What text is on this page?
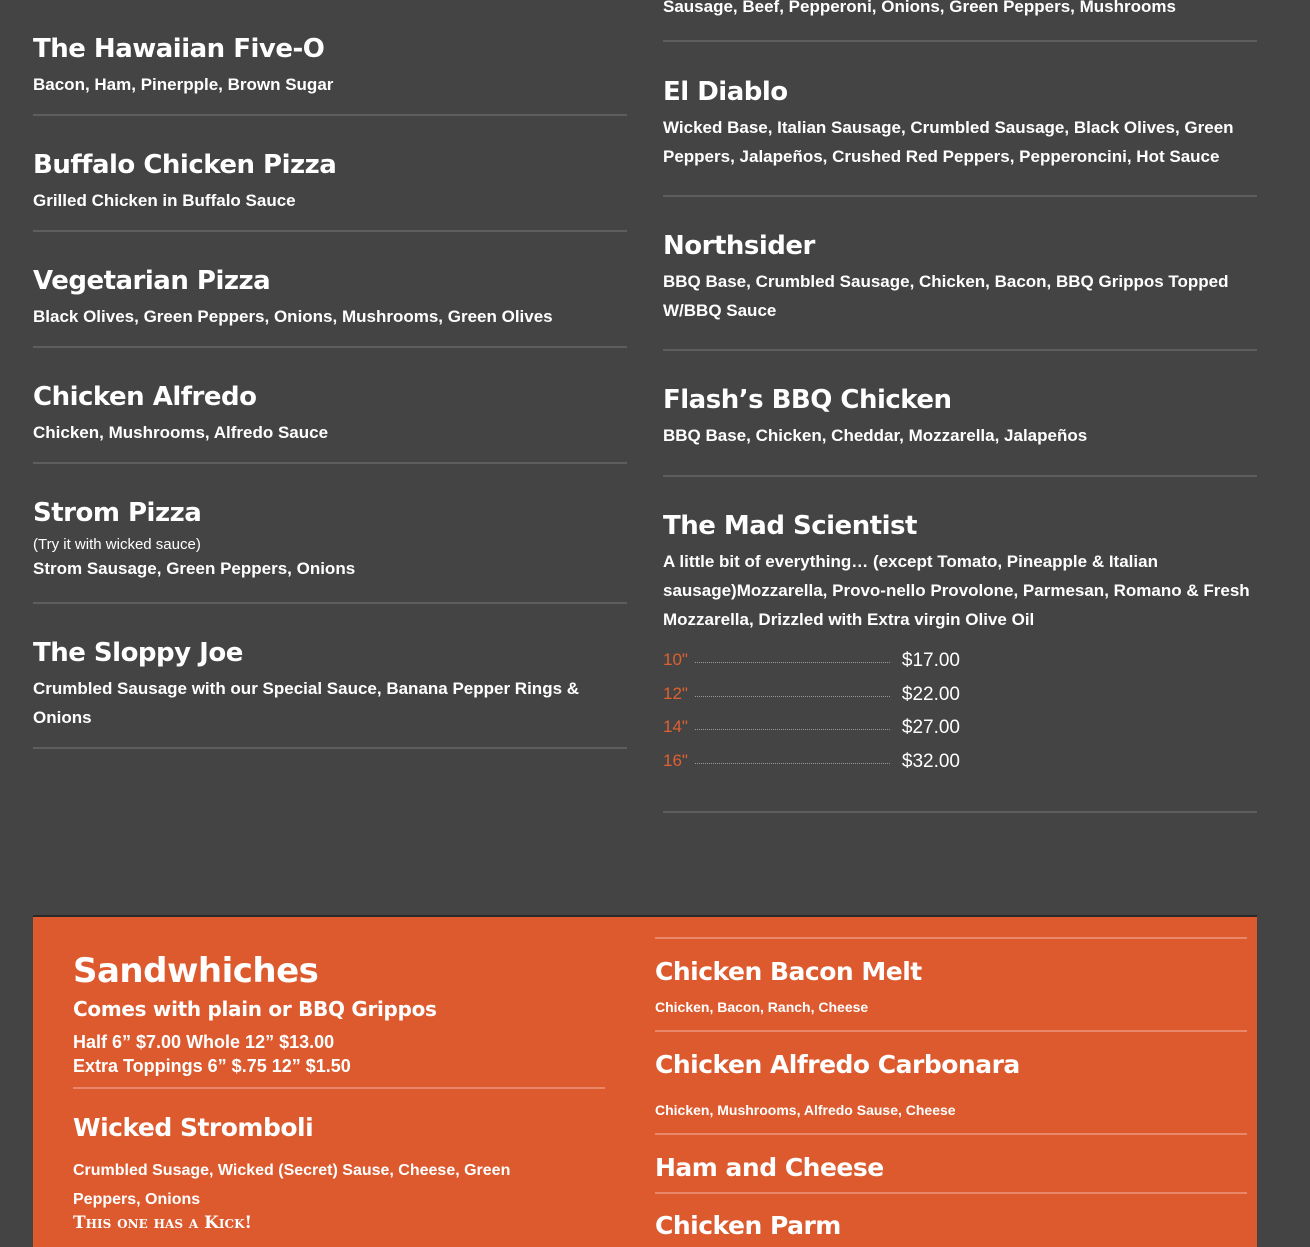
The Hawaiian Five-O
Bacon, Ham, Pinerpple, Brown Sugar
Buffalo Chicken Pizza
Grilled Chicken in Buffalo Sauce
Vegetarian Pizza
Black Olives, Green Peppers, Onions, Mushrooms, Green Olives
Chicken Alfredo
Chicken, Mushrooms, Alfredo Sauce
Strom Pizza
(Try it with wicked sauce)
Strom Sausage, Green Peppers, Onions
The Sloppy Joe
Crumbled Sausage with our Special Sauce, Banana Pepper Rings & Onions
Sausage, Beef, Pepperoni, Onions, Green Peppers, Mushrooms
El Diablo
Wicked Base, Italian Sausage, Crumbled Sausage, Black Olives, Green Peppers, Jalapeños, Crushed Red Peppers, Pepperoncini, Hot Sauce
Northsider
BBQ Base, Crumbled Sausage, Chicken, Bacon, BBQ Grippos Topped W/BBQ Sauce
Flash’s BBQ Chicken
BBQ Base, Chicken, Cheddar, Mozzarella, Jalapeños
The Mad Scientist
A little bit of everything… (except Tomato, Pineapple & Italian sausage)Mozzarella, Provo-nello Provolone, Parmesan, Romano & Fresh Mozzarella, Drizzled with Extra virgin Olive Oil
10"	$17.00
12"	$22.00
14"	$27.00
16"	$32.00
Sandwhiches
Comes with plain or BBQ Grippos
Half 6” $7.00 Whole 12” $13.00
Extra Toppings 6” $.75 12” $1.50
Wicked Stromboli
Crumbled Susage, Wicked (Secret) Sause, Cheese, Green Peppers, Onions
This one has a Kick!
Chicken Bacon Melt
Chicken, Bacon, Ranch, Cheese
Chicken Alfredo Carbonara
Chicken, Mushrooms, Alfredo Sause, Cheese
Ham and Cheese
Chicken Parm
